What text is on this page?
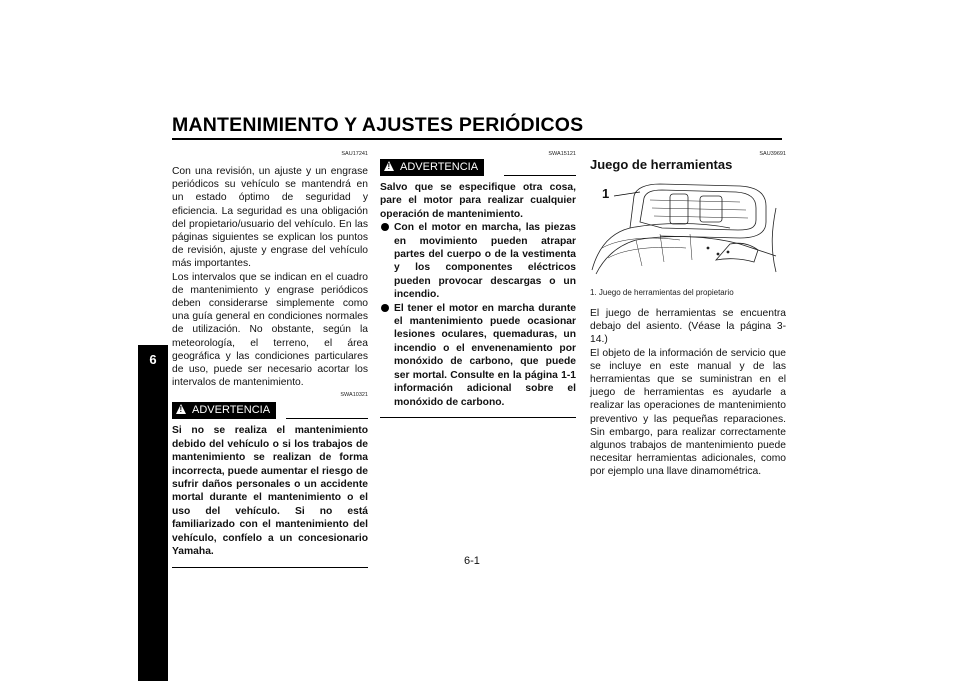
MANTENIMIENTO Y AJUSTES PERIÓDICOS
6
SAU17241

Con una revisión, un ajuste y un engrase periódicos su vehículo se mantendrá en un estado óptimo de seguridad y eficiencia. La seguridad es una obligación del propietario/usuario del vehículo. En las páginas siguientes se explican los puntos de revisión, ajuste y engrase del vehículo más importantes.

Los intervalos que se indican en el cuadro de mantenimiento y engrase periódicos deben considerarse simplemente como una guía general en condiciones normales de utilización. No obstante, según la meteorología, el terreno, el área geográfica y las condiciones particulares de uso, puede ser necesario acortar los intervalos de mantenimiento.

SWA10321
! ADVERTENCIA

Si no se realiza el mantenimiento debido del vehículo o si los trabajos de mantenimiento se realizan de forma incorrecta, puede aumentar el riesgo de sufrir daños personales o un accidente mortal durante el mantenimiento o el uso del vehículo. Si no está familiarizado con el mantenimiento del vehículo, confíelo a un concesionario Yamaha.

SWA15121
! ADVERTENCIA

Salvo que se especifique otra cosa, pare el motor para realizar cualquier operación de mantenimiento.

Con el motor en marcha, las piezas en movimiento pueden atrapar partes del cuerpo o de la vestimenta y los componentes eléctricos pueden provocar descargas o un incendio.
El tener el motor en marcha durante el mantenimiento puede ocasionar lesiones oculares, quemaduras, un incendio o el envenenamiento por monóxido de carbono, que puede ser mortal. Consulte en la página 1-1 información adicional sobre el monóxido de carbono.
SAU39691
Juego de herramientas
1

1. Juego de herramientas del propietario

El juego de herramientas se encuentra debajo del asiento. (Véase la página 3-14.)

El objeto de la información de servicio que se incluye en este manual y de las herramientas que se suministran en el juego de herramientas es ayudarle a realizar las operaciones de mantenimiento preventivo y las pequeñas reparaciones. Sin embargo, para realizar correctamente algunos trabajos de mantenimiento puede necesitar herramientas adicionales, como por ejemplo una llave dinamométrica.

6-1
